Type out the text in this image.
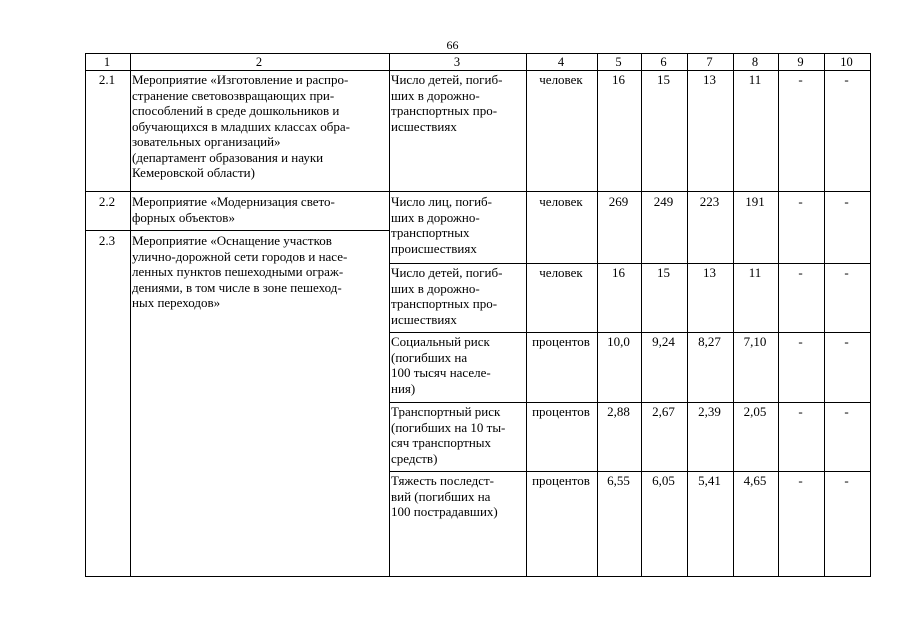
66
1	2	3	4	5	6	7	8	9	10
2.1	Мероприятие «Изготовление и распро-
странение световозвращающих при-
способлений в среде дошкольников и
обучающихся в младших классах обра-
зовательных организаций»
(департамент образования и науки
Кемеровской области)
Число детей, погиб-
ших в дорожно-
транспортных про-
исшествиях
человек	16	15	13	11	-	-
2.2	Мероприятие «Модернизация свето-
форных объектов»
Число лиц, погиб-
ших в дорожно-
транспортных
происшествиях
человек	269	249	223	191	-	-
2.3	Мероприятие «Оснащение участков
улично-дорожной сети городов и насе-
ленных пунктов пешеходными ограж-
дениями, в том числе в зоне пешеход-
ных переходов»
Число детей, погиб-
ших в дорожно-
транспортных про-
исшествиях
человек	16	15	13	11	-	-
Социальный риск
(погибших на
100 тысяч населе-
ния)
процентов	10,0	9,24	8,27	7,10	-	-
Транспортный риск
(погибших на 10 ты-
сяч транспортных
средств)
процентов	2,88	2,67	2,39	2,05	-	-
Тяжесть последст-
вий (погибших на
100 пострадавших)
процентов	6,55	6,05	5,41	4,65	-	-
